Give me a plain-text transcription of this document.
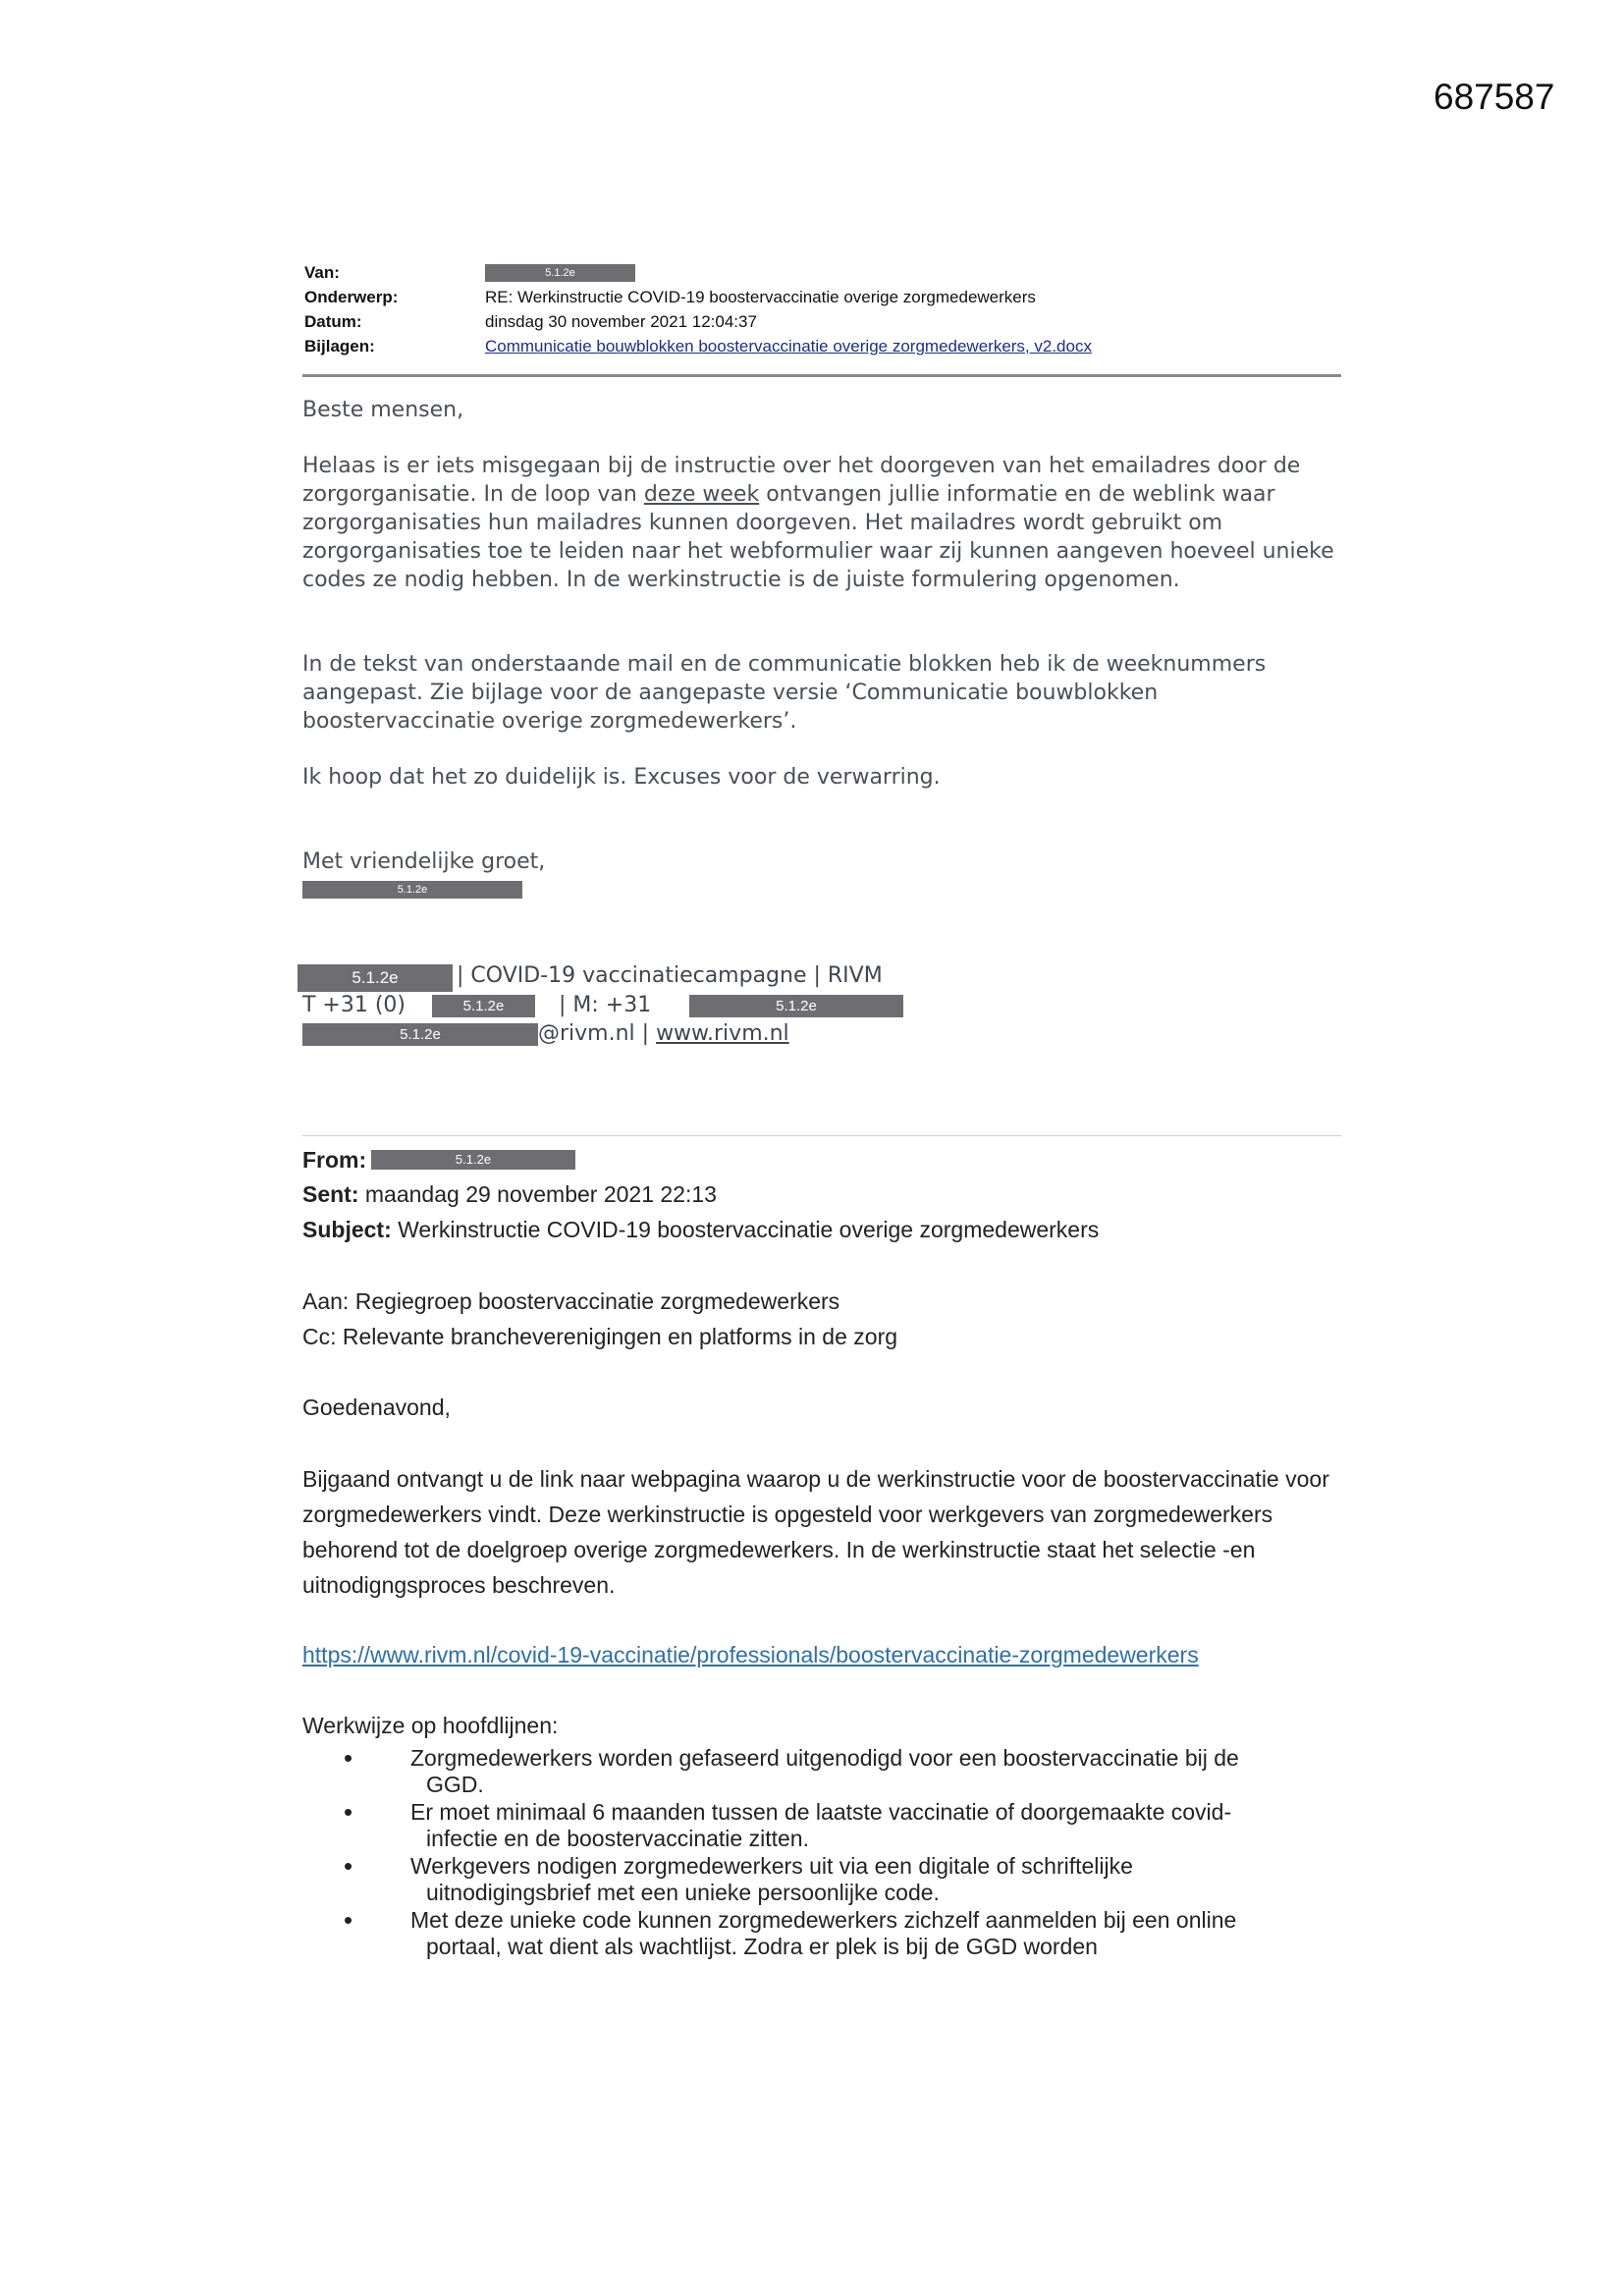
687587
Van:	5.1.2e
Onderwerp:	RE: Werkinstructie COVID-19 boostervaccinatie overige zorgmedewerkers
Datum:	dinsdag 30 november 2021 12:04:37
Bijlagen:	Communicatie bouwblokken boostervaccinatie overige zorgmedewerkers, v2.docx
Beste mensen,

Helaas is er iets misgegaan bij de instructie over het doorgeven van het emailadres door de zorgorganisatie. In de loop van deze week ontvangen jullie informatie en de weblink waar zorgorganisaties hun mailadres kunnen doorgeven. Het mailadres wordt gebruikt om zorgorganisaties toe te leiden naar het webformulier waar zij kunnen aangeven hoeveel unieke codes ze nodig hebben. In de werkinstructie is de juiste formulering opgenomen.

In de tekst van onderstaande mail en de communicatie blokken heb ik de weeknummers aangepast. Zie bijlage voor de aangepaste versie ‘Communicatie bouwblokken boostervaccinatie overige zorgmedewerkers’.

Ik hoop dat het zo duidelijk is. Excuses voor de verwarring.
Met vriendelijke groet,
5.1.2e
5.1.2e	| COVID-19 vaccinatiecampagne | RIVM
T +31 (0)	5.1.2e	| M: +31	5.1.2e
5.1.2e	@rivm.nl | www.rivm.nl
From:	5.1.2e
Sent: maandag 29 november 2021 22:13
Subject: Werkinstructie COVID-19 boostervaccinatie overige zorgmedewerkers
Aan: Regiegroep boostervaccinatie zorgmedewerkers
Cc: Relevante brancheverenigingen en platforms in de zorg
Goedenavond,

Bijgaand ontvangt u de link naar webpagina waarop u de werkinstructie voor de boostervaccinatie voor zorgmedewerkers vindt. Deze werkinstructie is opgesteld voor werkgevers van zorgmedewerkers behorend tot de doelgroep overige zorgmedewerkers. In de werkinstructie staat het selectie -en uitnodigngsproces beschreven.

https://www.rivm.nl/covid-19-vaccinatie/professionals/boostervaccinatie-zorgmedewerkers
Werkwijze op hoofdlijnen:
•	Zorgmedewerkers worden gefaseerd uitgenodigd voor een boostervaccinatie bij de
GGD.
•	Er moet minimaal 6 maanden tussen de laatste vaccinatie of doorgemaakte covid-
infectie en de boostervaccinatie zitten.
•	Werkgevers nodigen zorgmedewerkers uit via een digitale of schriftelijke
uitnodigingsbrief met een unieke persoonlijke code.
•	Met deze unieke code kunnen zorgmedewerkers zichzelf aanmelden bij een online
portaal, wat dient als wachtlijst. Zodra er plek is bij de GGD worden
